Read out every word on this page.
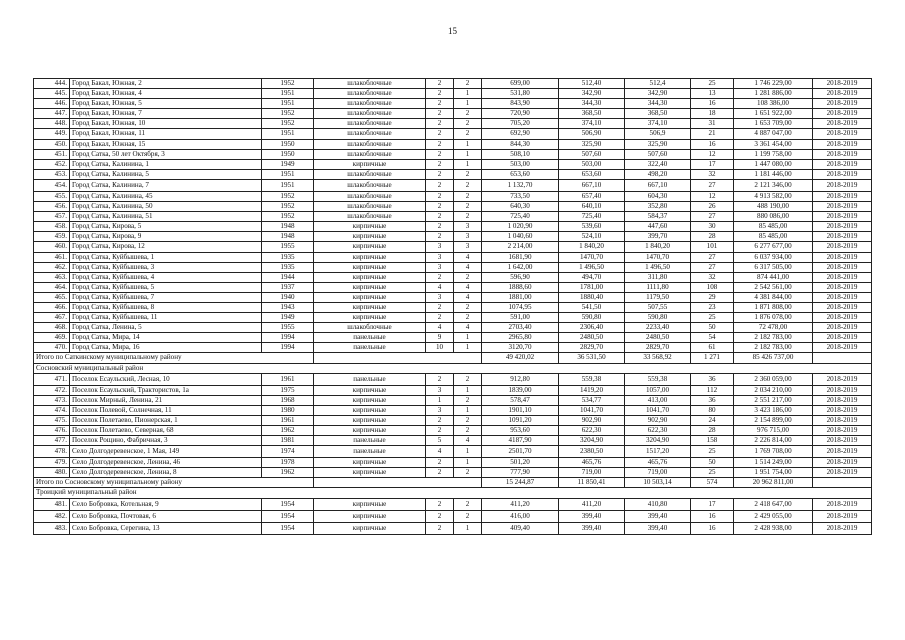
15
444.	Город Бакал, Южная, 2	1952	шлакоблочные	2	2	699,00	512,40	512,4	25	1 746 229,00	2018-2019
445.	Город Бакал, Южная, 4	1951	шлакоблочные	2	1	531,80	342,90	342,90	13	1 281 886,00	2018-2019
446.	Город Бакал, Южная, 5	1951	шлакоблочные	2	1	843,90	344,30	344,30	16	108 386,00	2018-2019
447.	Город Бакал, Южная, 7	1952	шлакоблочные	2	2	720,90	368,50	368,50	18	1 651 922,00	2018-2019
448.	Город Бакал, Южная, 10	1952	шлакоблочные	2	2	705,20	374,10	374,10	31	1 653 709,00	2018-2019
449.	Город Бакал, Южная, 11	1951	шлакоблочные	2	2	692,90	506,90	506,9	21	4 887 047,00	2018-2019
450.	Город Бакал, Южная, 15	1950	шлакоблочные	2	1	844,30	325,90	325,90	16	3 361 454,00	2018-2019
451.	Город Сатка, 50 лет Октября, 3	1950	шлакоблочные	2	1	508,10	507,60	507,60	12	1 199 758,00	2018-2019
452.	Город Сатка, Калинина, 1	1949	кирпичные	2	1	503,00	503,00	322,40	17	1 447 080,00	2018-2019
453.	Город Сатка, Калинина, 5	1951	шлакоблочные	2	2	653,60	653,60	498,20	32	1 181 446,00	2018-2019
454.	Город Сатка, Калинина, 7	1951	шлакоблочные	2	2	1 132,70	667,10	667,10	27	2 121 346,00	2018-2019
455.	Город Сатка, Калинина, 45	1952	шлакоблочные	2	2	733,50	657,40	604,30	12	4 913 582,00	2018-2019
456.	Город Сатка, Калинина, 50	1952	шлакоблочные	2	2	640,30	640,10	352,80	26	488 190,00	2018-2019
457.	Город Сатка, Калинина, 51	1952	шлакоблочные	2	2	725,40	725,40	584,37	27	880 086,00	2018-2019
458.	Город Сатка, Кирова, 5	1948	кирпичные	2	3	1 020,90	539,60	447,60	30	85 485,00	2018-2019
459.	Город Сатка, Кирова, 9	1948	кирпичные	2	3	1 040,60	524,10	399,70	28	85 485,00	2018-2019
460.	Город Сатка, Кирова, 12	1955	кирпичные	3	3	2 214,00	1 840,20	1 840,20	101	6 277 677,00	2018-2019
461.	Город Сатка, Куйбышева, 1	1935	кирпичные	3	4	1681,90	1470,70	1470,70	27	6 037 934,00	2018-2019
462.	Город Сатка, Куйбышева, 3	1935	кирпичные	3	4	1 642,00	1 496,50	1 496,50	27	6 317 505,00	2018-2019
463.	Город Сатка, Куйбышева, 4	1944	кирпичные	2	2	596,90	494,70	311,80	32	874 441,00	2018-2019
464.	Город Сатка, Куйбышева, 5	1937	кирпичные	4	4	1888,60	1781,00	1111,80	108	2 542 561,00	2018-2019
465.	Город Сатка, Куйбышева, 7	1940	кирпичные	3	4	1881,00	1880,40	1179,50	29	4 381 844,00	2018-2019
466.	Город Сатка, Куйбышева, 8	1943	кирпичные	2	2	1074,95	541,50	507,55	23	1 871 808,00	2018-2019
467.	Город Сатка, Куйбышева, 11	1949	кирпичные	2	2	591,00	590,80	590,80	25	1 876 078,00	2018-2019
468.	Город Сатка, Ленина, 5	1955	шлакоблочные	4	4	2703,40	2306,40	2233,40	50	72 478,00	2018-2019
469.	Город Сатка, Мира, 14	1994	панельные	9	1	2965,80	2480,50	2480,50	54	2 182 783,00	2018-2019
470.	Город Сатка, Мира, 16	1994	панельные	10	1	3120,70	2829,70	2829,70	61	2 182 783,00	2018-2019
Итого по Саткинскому муниципальному району						49 420,02	36 531,50	33 568,92	1 271	85 426 737,00	
Сосновский муниципальный район											
471.	Поселок Есаульский, Лесная, 10	1961	панельные	2	2	912,80	559,38	559,38	36	2 360 059,00	2018-2019
472.	Поселок Есаульский, Трактористов, 1а	1975	кирпичные	3	1	1839,00	1419,20	1057,00	112	2 034 210,00	2018-2019
473.	Поселок Мирный, Ленина, 21	1968	кирпичные	1	2	578,47	534,77	413,00	36	2 551 217,00	2018-2019
474.	Поселок Полевой, Солнечная, 11	1980	кирпичные	3	1	1901,10	1041,70	1041,70	80	3 423 186,00	2018-2019
475.	Поселок Полетаево, Пионерская, 1	1961	кирпичные	2	2	1091,20	902,90	902,90	24	2 154 899,00	2018-2019
476.	Поселок Полетаево, Северная, 68	1962	кирпичные	2	2	953,60	622,30	622,30	28	976 715,00	2018-2019
477.	Поселок Рощино, Фабричная, 3	1981	панельные	5	4	4187,90	3204,90	3204,90	158	2 226 814,00	2018-2019
478.	Село Долгодеревенское, 1 Мая, 149	1974	панельные	4	1	2501,70	2380,50	1517,20	25	1 769 708,00	2018-2019
479.	Село Долгодеревенское, Ленина, 46	1978	кирпичные	2	1	501,20	465,76	465,76	50	1 514 249,00	2018-2019
480.	Село Долгодеревенское, Ленина, 8	1962	кирпичные	2	2	777,90	719,00	719,00	25	1 951 754,00	2018-2019
Итого по Сосновскому муниципальному району						15 244,87	11 850,41	10 503,14	574	20 962 811,00	
Троицкий муниципальный район											
481.	Село Бобровка, Котельная, 9	1954	кирпичные	2	2	411,20	411,20	410,80	17	2 418 647,00	2018-2019
482.	Село Бобровка, Почтовая, 6	1954	кирпичные	2	2	416,00	399,40	399,40	16	2 429 055,00	2018-2019
483.	Село Бобровка, Серегина, 13	1954	кирпичные	2	1	409,40	399,40	399,40	16	2 428 938,00	2018-2019
